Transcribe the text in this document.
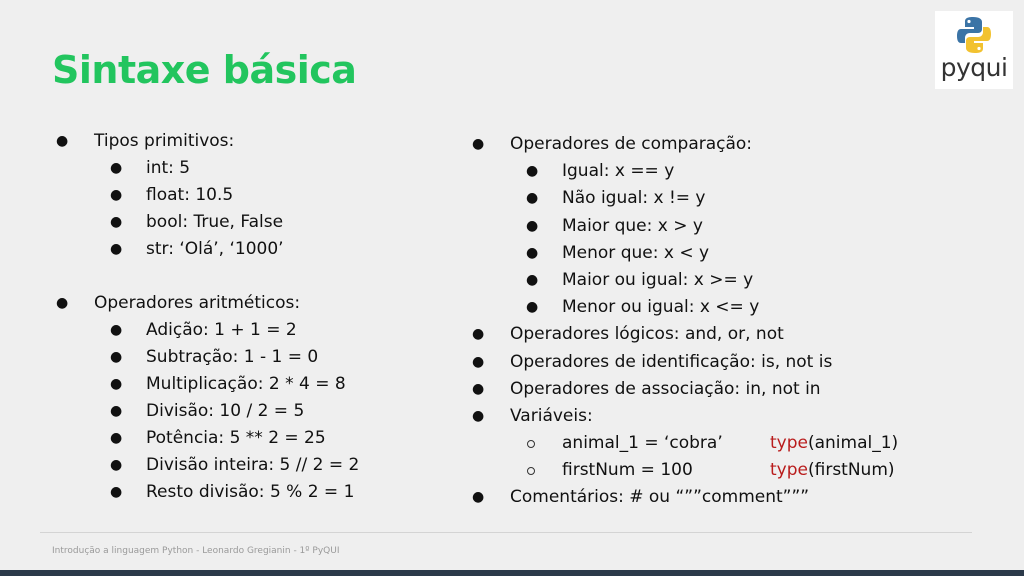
Sintaxe básica	pyqui
● Tipos primitivos:
● int: 5
● float: 10.5
● bool: True, False
● str: ‘Olá’, ‘1000’
● Operadores aritméticos:
● Adição: 1 + 1 = 2
● Subtração: 1 - 1 = 0
● Multiplicação: 2 * 4 = 8
● Divisão: 10 / 2 = 5
● Potência: 5 ** 2 = 25
● Divisão inteira: 5 // 2 = 2
● Resto divisão: 5 % 2 = 1
● Operadores de comparação:
● Igual: x == y
● Não igual: x != y
● Maior que: x > y
● Menor que: x < y
● Maior ou igual: x >= y
● Menor ou igual: x <= y
● Operadores lógicos: and, or, not
● Operadores de identificação: is, not is
● Operadores de associação: in, not in
● Variáveis:
animal_1 = ‘cobra’	type(animal_1)
firstNum = 100	type(firstNum)
● Comentários: # ou “””comment”””
Introdução a linguagem Python - Leonardo Gregianin - 1º PyQUI
